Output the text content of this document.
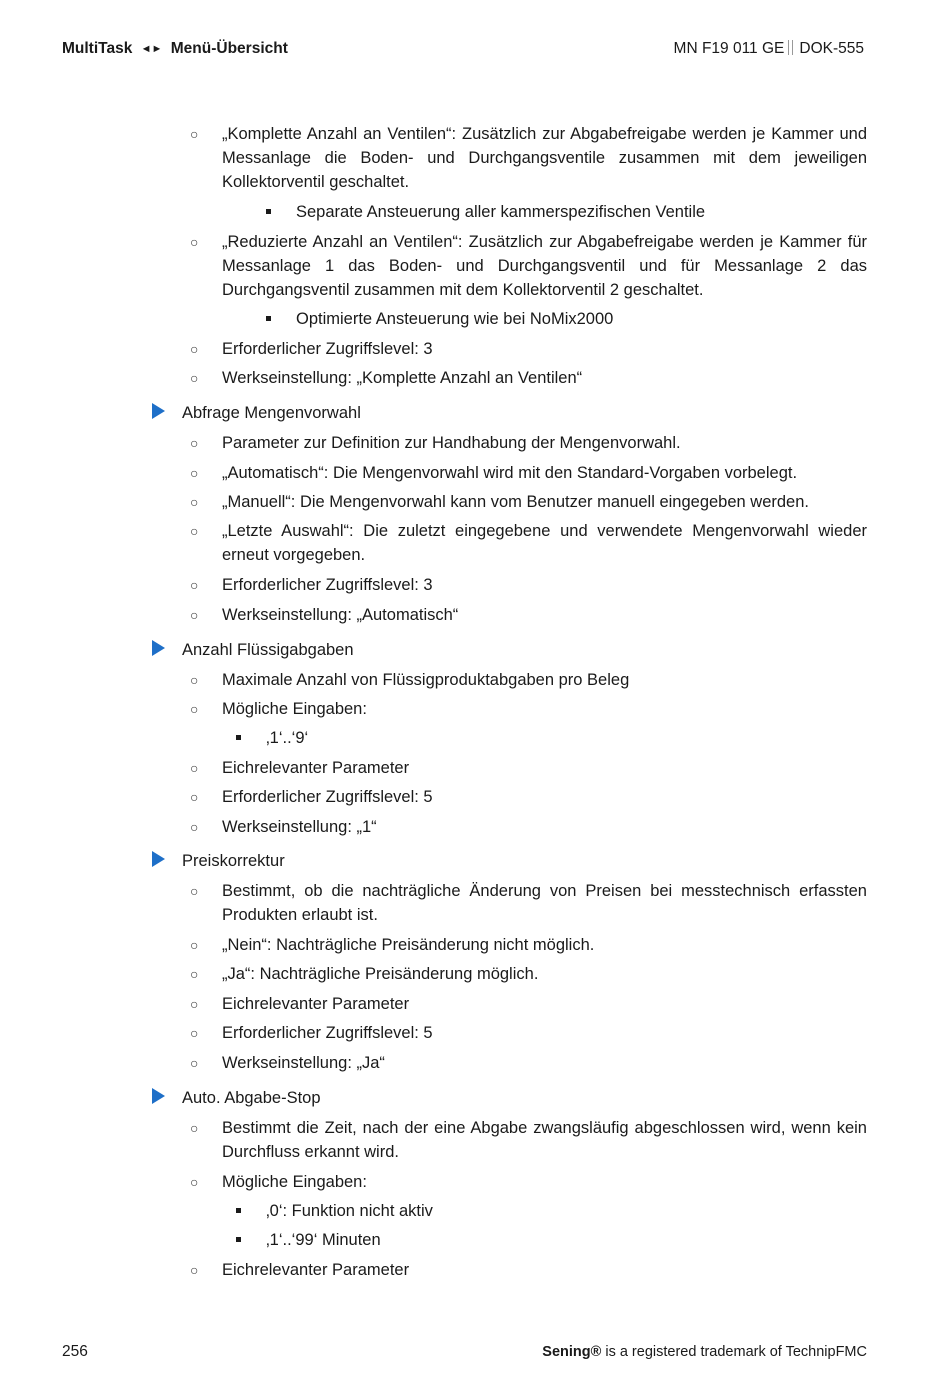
MultiTask ◄► Menü-Übersicht	MN F19 011 GE DOK-555
○ „Komplette Anzahl an Ventilen“: Zusätzlich zur Abgabefreigabe werden je Kammer und Messanlage die Boden- und Durchgangsventile zusammen mit dem jeweiligen Kollektorventil geschaltet.
Separate Ansteuerung aller kammerspezifischen Ventile
○ „Reduzierte Anzahl an Ventilen“: Zusätzlich zur Abgabefreigabe werden je Kammer für Messanlage 1 das Boden- und Durchgangsventil und für Messanlage 2 das Durchgangsventil zusammen mit dem Kollektorventil 2 geschaltet.
Optimierte Ansteuerung wie bei NoMix2000
○ Erforderlicher Zugriffslevel: 3
○ Werkseinstellung: „Komplette Anzahl an Ventilen“
Abfrage Mengenvorwahl
○ Parameter zur Definition zur Handhabung der Mengenvorwahl.
○ „Automatisch“: Die Mengenvorwahl wird mit den Standard-Vorgaben vorbelegt.
○ „Manuell“: Die Mengenvorwahl kann vom Benutzer manuell eingegeben werden.
○ „Letzte Auswahl“: Die zuletzt eingegebene und verwendete Mengenvorwahl wieder erneut vorgegeben.
○ Erforderlicher Zugriffslevel: 3
○ Werkseinstellung: „Automatisch“
Anzahl Flüssigabgaben
○ Maximale Anzahl von Flüssigproduktabgaben pro Beleg
○ Mögliche Eingaben:
‚1‘..‘9‘
○ Eichrelevanter Parameter
○ Erforderlicher Zugriffslevel: 5
○ Werkseinstellung: „1“
Preiskorrektur
○ Bestimmt, ob die nachträgliche Änderung von Preisen bei messtechnisch erfassten Produkten erlaubt ist.
○ „Nein“: Nachträgliche Preisänderung nicht möglich.
○ „Ja“: Nachträgliche Preisänderung möglich.
○ Eichrelevanter Parameter
○ Erforderlicher Zugriffslevel: 5
○ Werkseinstellung: „Ja“
Auto. Abgabe-Stop
○ Bestimmt die Zeit, nach der eine Abgabe zwangsläufig abgeschlossen wird, wenn kein Durchfluss erkannt wird.
○ Mögliche Eingaben:
‚0‘: Funktion nicht aktiv
‚1‘..‘99‘ Minuten
○ Eichrelevanter Parameter
256	Sening® is a registered trademark of TechnipFMC
